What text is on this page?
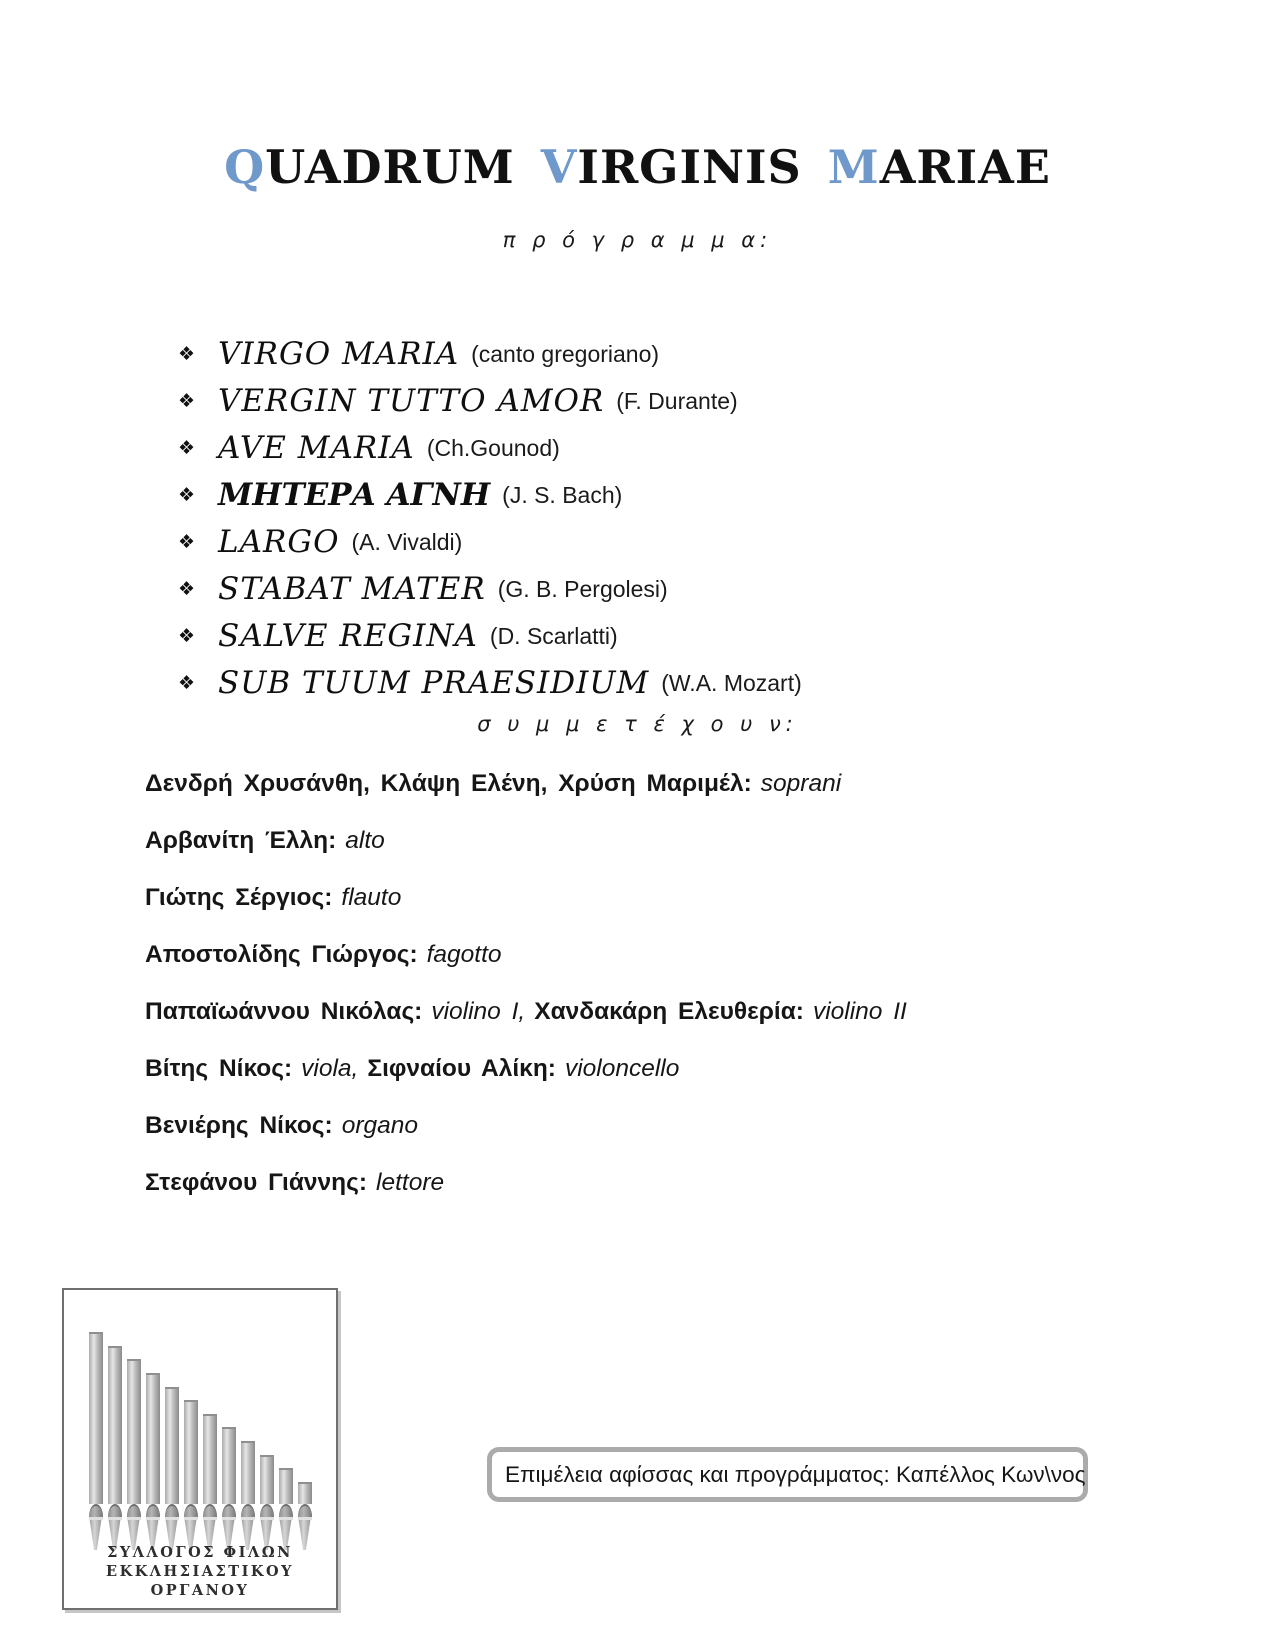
QUADRUM VIRGINIS MARIAE
π ρ ό γ ρ α μ μ α:
❖ VIRGO MARIA (canto gregoriano)
❖ VERGIN TUTTO AMOR (F. Durante)
❖ AVE MARIA (Ch.Gounod)
❖ ΜΗΤΕΡΑ ΑΓΝΗ (J. S. Bach)
❖ LARGO (A. Vivaldi)
❖ STABAT MATER (G. B. Pergolesi)
❖ SALVE REGINA (D. Scarlatti)
❖ SUB TUUM PRAESIDIUM (W.A. Mozart)
σ υ μ μ ε τ έ χ ο υ ν:
Δενδρή Χρυσάνθη, Κλάψη Ελένη, Χρύση Μαριμέλ: soprani
Αρβανίτη Έλλη: alto
Γιώτης Σέργιος: flauto
Αποστολίδης Γιώργος: fagotto
Παπαϊωάννου Νικόλας: violino I, Χανδακάρη Ελευθερία: violino II
Βίτης Νίκος: viola, Σιφναίου Αλίκη: violoncello
Βενιέρης Νίκος: organo
Στεφάνου Γιάννης: lettore
ΣΥΛΛΟΓΟΣ ΦΙΛΩΝ
ΕΚΚΛΗΣΙΑΣΤΙΚΟΥ
ΟΡΓΑΝΟΥ
Επιμέλεια αφίσσας και προγράμματος: Καπέλλος Κων\νος
